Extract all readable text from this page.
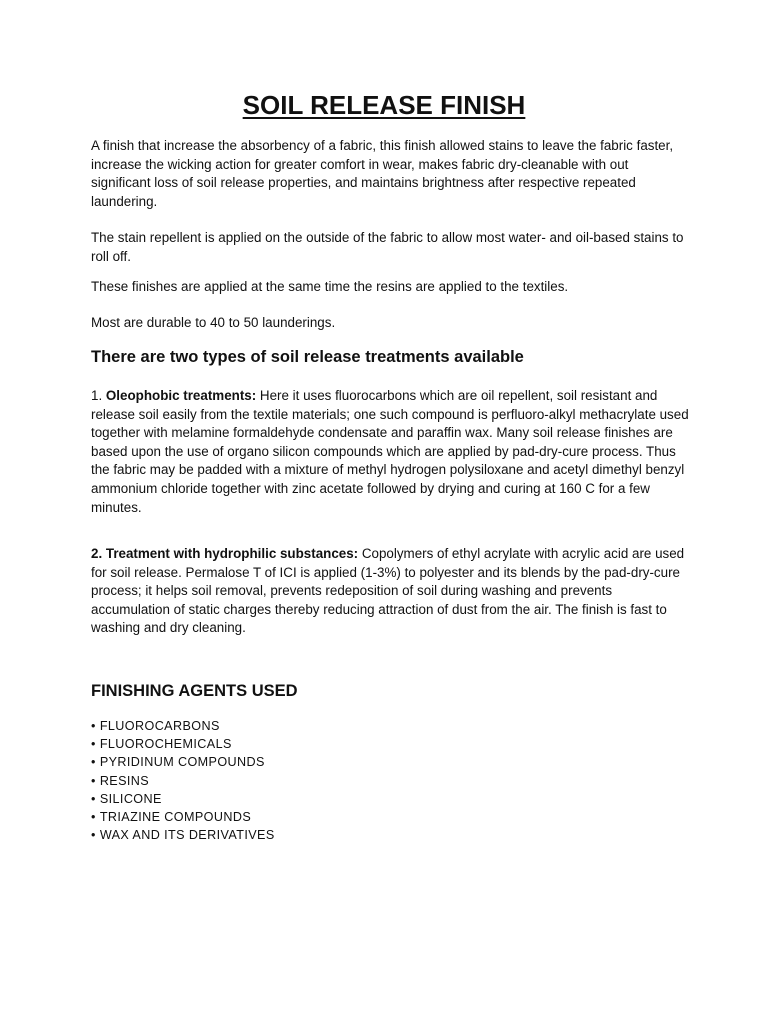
SOIL RELEASE FINISH

A finish that increase the absorbency of a fabric, this finish allowed stains to leave the fabric faster, increase the wicking action for greater comfort in wear, makes fabric dry-cleanable with out significant loss of soil release properties, and maintains brightness after respective repeated laundering.

The stain repellent is applied on the outside of the fabric to allow most water- and oil-based stains to roll off.

These finishes are applied at the same time the resins are applied to the textiles.

Most are durable to 40 to 50 launderings.

There are two types of soil release treatments available

1. Oleophobic treatments: Here it uses fluorocarbons which are oil repellent, soil resistant and release soil easily from the textile materials; one such compound is perfluoro-alkyl methacrylate used together with melamine formaldehyde condensate and paraffin wax. Many soil release finishes are based upon the use of organo silicon compounds which are applied by pad-dry-cure process. Thus the fabric may be padded with a mixture of methyl hydrogen polysiloxane and acetyl dimethyl benzyl ammonium chloride together with zinc acetate followed by drying and curing at 160 C for a few minutes.

2. Treatment with hydrophilic substances: Copolymers of ethyl acrylate with acrylic acid are used for soil release. Permalose T of ICI is applied (1-3%) to polyester and its blends by the pad-dry-cure process; it helps soil removal, prevents redeposition of soil during washing and prevents accumulation of static charges thereby reducing attraction of dust from the air. The finish is fast to washing and dry cleaning.

FINISHING AGENTS USED
• FLUOROCARBONS
• FLUOROCHEMICALS
• PYRIDINUM COMPOUNDS
• RESINS
• SILICONE
• TRIAZINE COMPOUNDS
• WAX AND ITS DERIVATIVES
